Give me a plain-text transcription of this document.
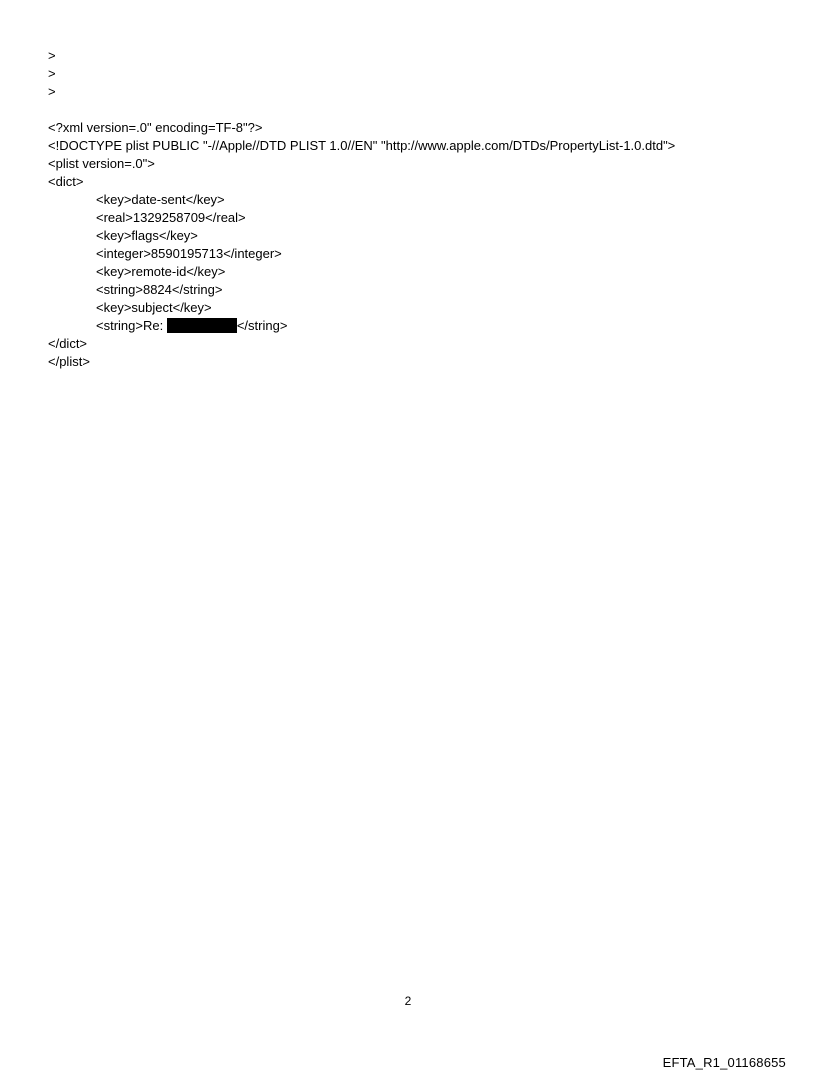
>
>
>
<?xml version=.0" encoding=TF-8"?>
<!DOCTYPE plist PUBLIC "-//Apple//DTD PLIST 1.0//EN" "http://www.apple.com/DTDs/PropertyList-1.0.dtd">
<plist version=.0">
<dict>
<key>date-sent</key>
<real>1329258709</real>
<key>flags</key>
<integer>8590195713</integer>
<key>remote-id</key>
<string>8824</string>
<key>subject</key>
<string>Re:	</string>
</dict>
</plist>
2
EFTA_R1_01168655
